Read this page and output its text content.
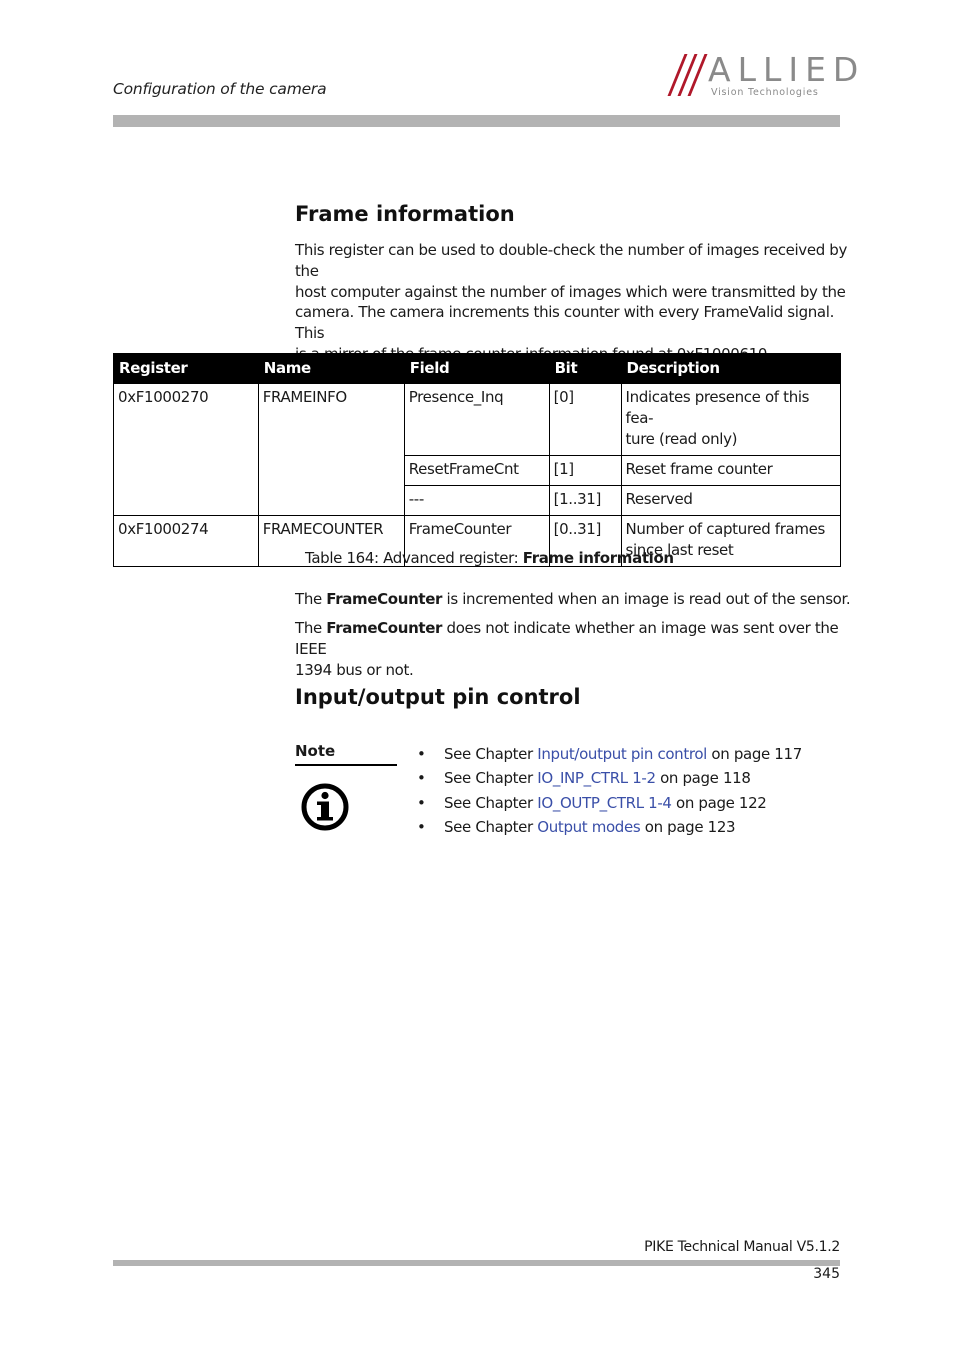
Configuration of the camera	ALLIED
Vision Technologies
Frame information

This register can be used to double-check the number of images received by the
host computer against the number of images which were transmitted by the
camera. The camera increments this counter with every FrameValid signal. This

Register	Name	Field	Bit	Description
0xF1000270	FRAMEINFO	Presence_Inq	[0]	Indicates presence of this fea-
ture (read only)
		ResetFrameCnt	[1]	Reset frame counter
		---	[1..31]	Reserved
0xF1000274	FRAMECOUNTER	FrameCounter	[0..31]	Number of captured frames
since last reset
Table 164: Advanced register: Frame information

The FrameCounter is incremented when an image is read out of the sensor.

The FrameCounter does not indicate whether an image was sent over the IEEE
1394 bus or not.

Input/output pin control
Note	• See Chapter Input/output pin control on page 117
• See Chapter IO_INP_CTRL 1-2 on page 118
• See Chapter IO_OUTP_CTRL 1-4 on page 122
• See Chapter Output modes on page 123
PIKE Technical Manual V5.1.2
345
